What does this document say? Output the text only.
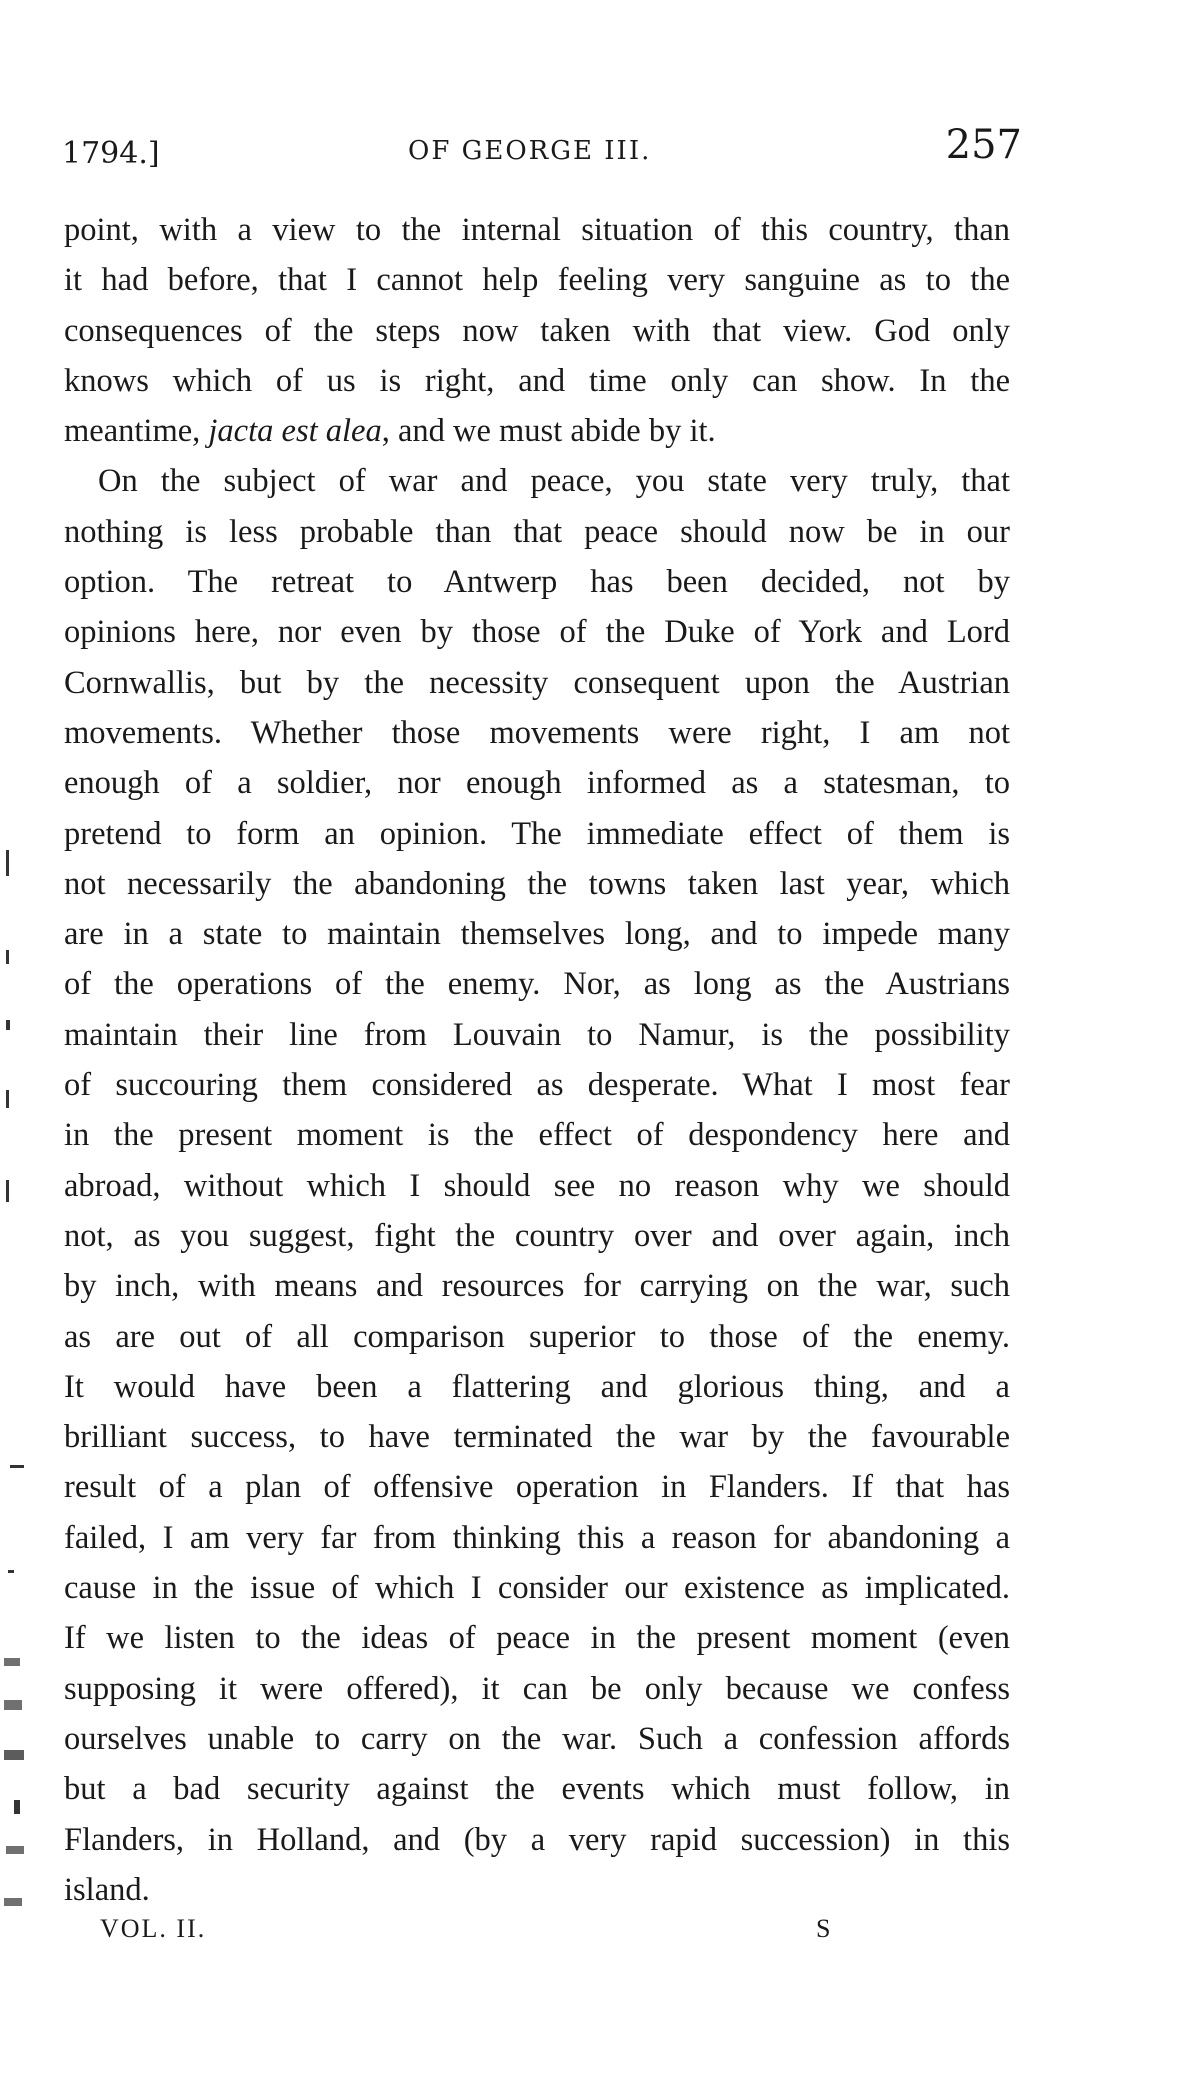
1794.]	OF GEORGE III.	257
point, with a view to the internal situation of this country, than
it had before, that I cannot help feeling very sanguine as to the
consequences of the steps now taken with that view. God only
knows which of us is right, and time only can show. In the
meantime, jacta est alea, and we must abide by it.
On the subject of war and peace, you state very truly, that
nothing is less probable than that peace should now be in our
option. The retreat to Antwerp has been decided, not by
opinions here, nor even by those of the Duke of York and Lord
Cornwallis, but by the necessity consequent upon the Austrian
movements. Whether those movements were right, I am not
enough of a soldier, nor enough informed as a statesman, to
pretend to form an opinion. The immediate effect of them is
not necessarily the abandoning the towns taken last year, which
are in a state to maintain themselves long, and to impede many
of the operations of the enemy. Nor, as long as the Austrians
maintain their line from Louvain to Namur, is the possibility
of succouring them considered as desperate. What I most fear
in the present moment is the effect of despondency here and
abroad, without which I should see no reason why we should
not, as you suggest, fight the country over and over again, inch
by inch, with means and resources for carrying on the war, such
as are out of all comparison superior to those of the enemy.
It would have been a flattering and glorious thing, and a
brilliant success, to have terminated the war by the favourable
result of a plan of offensive operation in Flanders. If that has
failed, I am very far from thinking this a reason for abandoning a
cause in the issue of which I consider our existence as implicated.
If we listen to the ideas of peace in the present moment (even
supposing it were offered), it can be only because we confess
ourselves unable to carry on the war. Such a confession affords
but a bad security against the events which must follow, in
Flanders, in Holland, and (by a very rapid succession) in this
island.
VOL. II.	S
